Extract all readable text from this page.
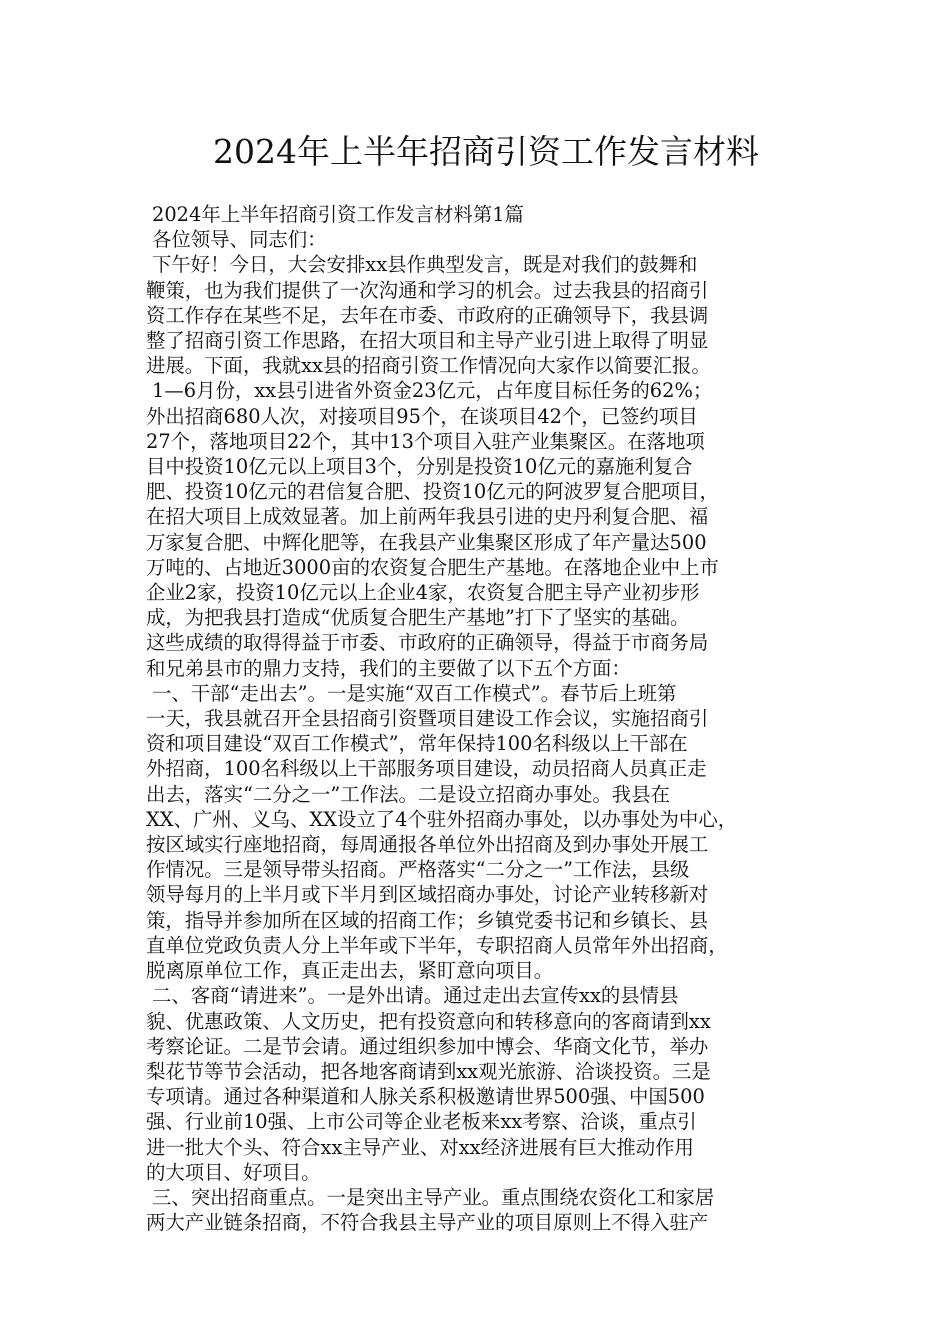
2024年上半年招商引资工作发言材料

2024年上半年招商引资工作发言材料第1篇

各位领导、同志们：

下午好！今日，大会安排xx县作典型发言，既是对我们的鼓舞和

鞭策，也为我们提供了一次沟通和学习的机会。过去我县的招商引

资工作存在某些不足，去年在市委、市政府的正确领导下，我县调

整了招商引资工作思路，在招大项目和主导产业引进上取得了明显

进展。下面，我就xx县的招商引资工作情况向大家作以简要汇报。

1—6月份，xx县引进省外资金23亿元，占年度目标任务的62%；

外出招商680人次，对接项目95个，在谈项目42个，已签约项目

27个，落地项目22个，其中13个项目入驻产业集聚区。在落地项

目中投资10亿元以上项目3个，分别是投资10亿元的嘉施利复合

肥、投资10亿元的君信复合肥、投资10亿元的阿波罗复合肥项目，

在招大项目上成效显著。加上前两年我县引进的史丹利复合肥、福

万家复合肥、中辉化肥等，在我县产业集聚区形成了年产量达500

万吨的、占地近3000亩的农资复合肥生产基地。在落地企业中上市

企业2家，投资10亿元以上企业4家，农资复合肥主导产业初步形

成，为把我县打造成“优质复合肥生产基地”打下了坚实的基础。

这些成绩的取得得益于市委、市政府的正确领导，得益于市商务局

和兄弟县市的鼎力支持，我们的主要做了以下五个方面：

一、干部“走出去”。一是实施“双百工作模式”。春节后上班第

一天，我县就召开全县招商引资暨项目建设工作会议，实施招商引

资和项目建设“双百工作模式”，常年保持100名科级以上干部在

外招商，100名科级以上干部服务项目建设，动员招商人员真正走

出去，落实“二分之一”工作法。二是设立招商办事处。我县在

XX、广州、义乌、XX设立了4个驻外招商办事处，以办事处为中心，

按区域实行座地招商，每周通报各单位外出招商及到办事处开展工

作情况。三是领导带头招商。严格落实“二分之一”工作法，县级

领导每月的上半月或下半月到区域招商办事处，讨论产业转移新对

策，指导并参加所在区域的招商工作；乡镇党委书记和乡镇长、县

直单位党政负责人分上半年或下半年，专职招商人员常年外出招商，

脱离原单位工作，真正走出去，紧盯意向项目。

二、客商“请进来”。一是外出请。通过走出去宣传xx的县情县

貌、优惠政策、人文历史，把有投资意向和转移意向的客商请到xx

考察论证。二是节会请。通过组织参加中博会、华商文化节，举办

梨花节等节会活动，把各地客商请到xx观光旅游、洽谈投资。三是

专项请。通过各种渠道和人脉关系积极邀请世界500强、中国500

强、行业前10强、上市公司等企业老板来xx考察、洽谈，重点引

进一批大个头、符合xx主导产业、对xx经济进展有巨大推动作用

的大项目、好项目。

三、突出招商重点。一是突出主导产业。重点围绕农资化工和家居

两大产业链条招商，不符合我县主导产业的项目原则上不得入驻产
